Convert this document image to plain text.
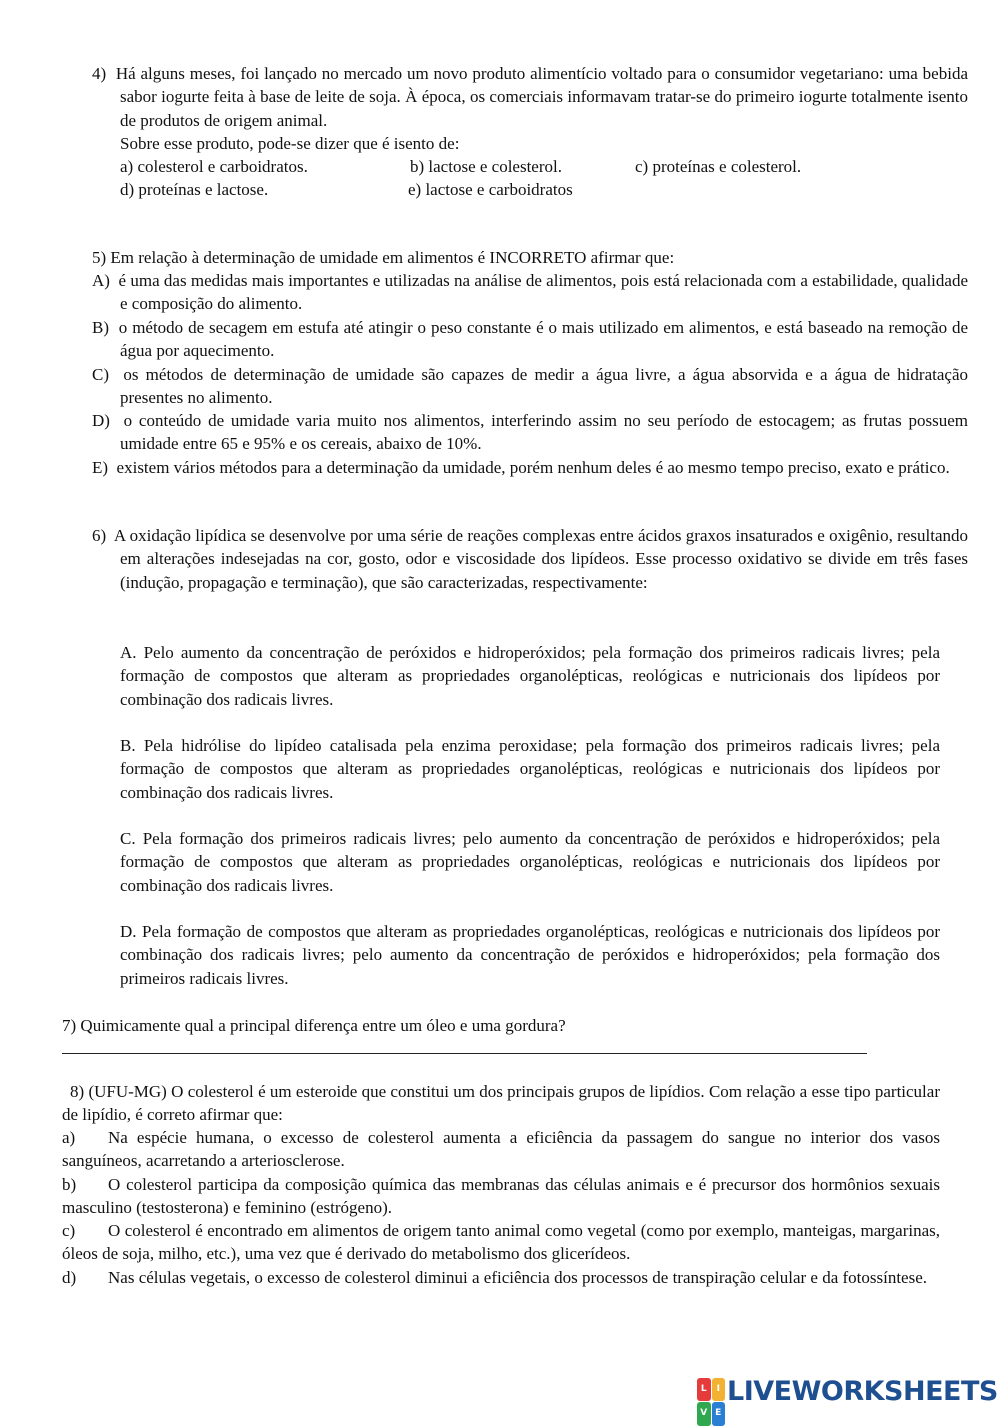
4) Há alguns meses, foi lançado no mercado um novo produto alimentício voltado para o consumidor vegetariano: uma bebida sabor iogurte feita à base de leite de soja. À época, os comerciais informavam tratar-se do primeiro iogurte totalmente isento de produtos de origem animal.

Sobre esse produto, pode-se dizer que é isento de:

a) colesterol e carboidratos.	b) lactose e colesterol.	c) proteínas e colesterol.
d) proteínas e lactose.	e) lactose e carboidratos

5) Em relação à determinação de umidade em alimentos é INCORRETO afirmar que:

A) é uma das medidas mais importantes e utilizadas na análise de alimentos, pois está relacionada com a estabilidade, qualidade e composição do alimento.

B) o método de secagem em estufa até atingir o peso constante é o mais utilizado em alimentos, e está baseado na remoção de água por aquecimento.

C) os métodos de determinação de umidade são capazes de medir a água livre, a água absorvida e a água de hidratação presentes no alimento.

D) o conteúdo de umidade varia muito nos alimentos, interferindo assim no seu período de estocagem; as frutas possuem umidade entre 65 e 95% e os cereais, abaixo de 10%.

E) existem vários métodos para a determinação da umidade, porém nenhum deles é ao mesmo tempo preciso, exato e prático.

6) A oxidação lipídica se desenvolve por uma série de reações complexas entre ácidos graxos insaturados e oxigênio, resultando em alterações indesejadas na cor, gosto, odor e viscosidade dos lipídeos. Esse processo oxidativo se divide em três fases (indução, propagação e terminação), que são caracterizadas, respectivamente:

A. Pelo aumento da concentração de peróxidos e hidroperóxidos; pela formação dos primeiros radicais livres; pela formação de compostos que alteram as propriedades organolépticas, reológicas e nutricionais dos lipídeos por combinação dos radicais livres.

B. Pela hidrólise do lipídeo catalisada pela enzima peroxidase; pela formação dos primeiros radicais livres; pela formação de compostos que alteram as propriedades organolépticas, reológicas e nutricionais dos lipídeos por combinação dos radicais livres.

C. Pela formação dos primeiros radicais livres; pelo aumento da concentração de peróxidos e hidroperóxidos; pela formação de compostos que alteram as propriedades organolépticas, reológicas e nutricionais dos lipídeos por combinação dos radicais livres.

D. Pela formação de compostos que alteram as propriedades organolépticas, reológicas e nutricionais dos lipídeos por combinação dos radicais livres; pelo aumento da concentração de peróxidos e hidroperóxidos; pela formação dos primeiros radicais livres.

7) Quimicamente qual a principal diferença entre um óleo e uma gordura?

8) (UFU-MG) O colesterol é um esteroide que constitui um dos principais grupos de lipídios. Com relação a esse tipo particular de lipídio, é correto afirmar que:

a) Na espécie humana, o excesso de colesterol aumenta a eficiência da passagem do sangue no interior dos vasos sanguíneos, acarretando a arteriosclerose.

b) O colesterol participa da composição química das membranas das células animais e é precursor dos hormônios sexuais masculino (testosterona) e feminino (estrógeno).

c) O colesterol é encontrado em alimentos de origem tanto animal como vegetal (como por exemplo, manteigas, margarinas, óleos de soja, milho, etc.), uma vez que é derivado do metabolismo dos glicerídeos.

d) Nas células vegetais, o excesso de colesterol diminui a eficiência dos processos de transpiração celular e da fotossíntese.

L	I
V E
LIVEWORKSHEETS
